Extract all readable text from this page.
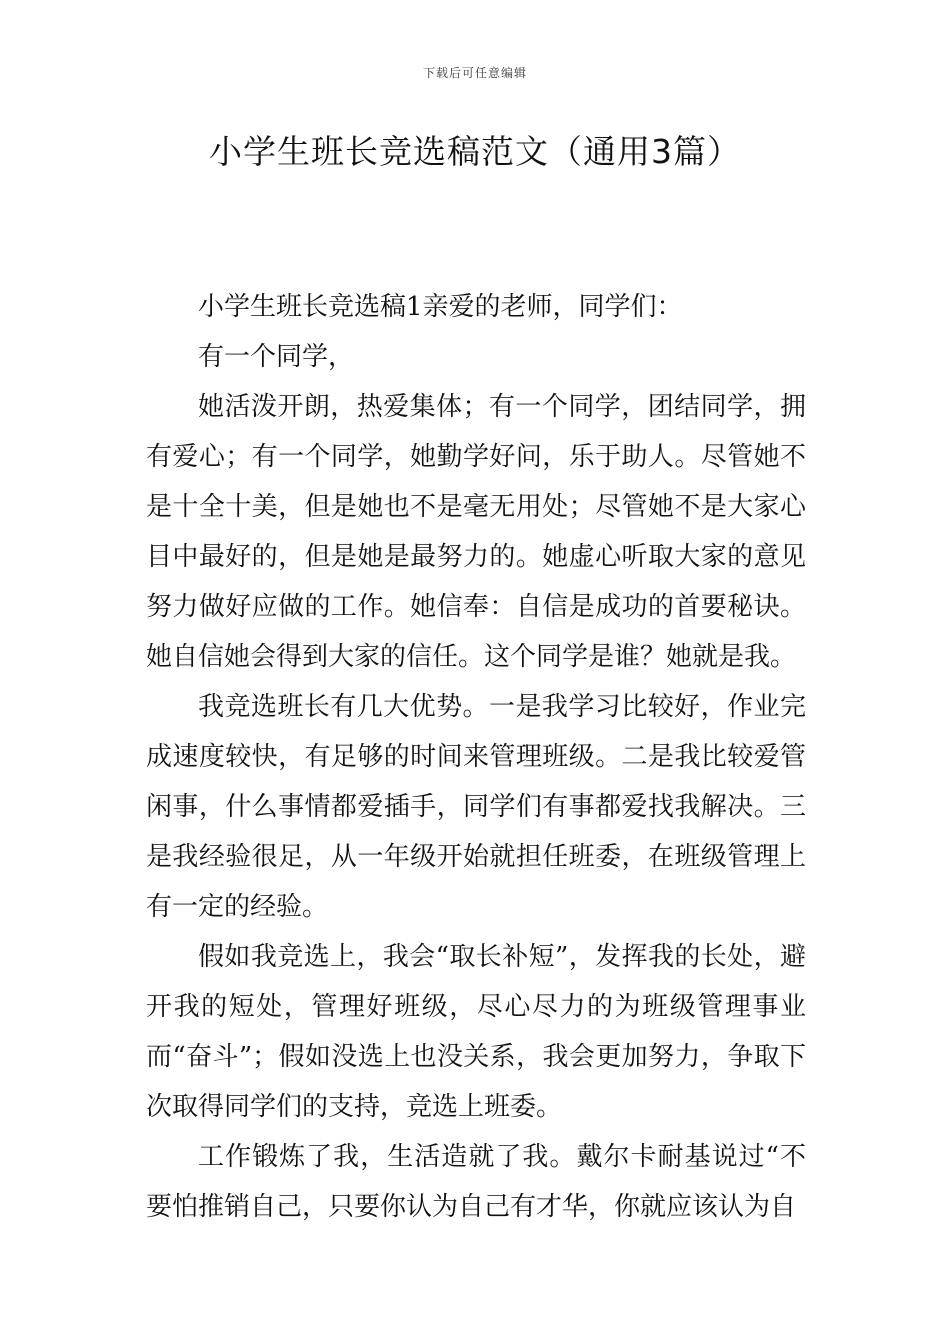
下载后可任意编辑
小学生班长竞选稿范文（通用3篇）

小学生班长竞选稿1亲爱的老师，同学们：

有一个同学，

她活泼开朗，热爱集体；有一个同学，团结同学，拥有爱心；有一个同学，她勤学好问，乐于助人。尽管她不是十全十美，但是她也不是毫无用处；尽管她不是大家心目中最好的，但是她是最努力的。她虚心听取大家的意见努力做好应做的工作。她信奉：自信是成功的首要秘诀。她自信她会得到大家的信任。这个同学是谁？她就是我。

我竞选班长有几大优势。一是我学习比较好，作业完成速度较快，有足够的时间来管理班级。二是我比较爱管闲事，什么事情都爱插手，同学们有事都爱找我解决。三是我经验很足，从一年级开始就担任班委，在班级管理上有一定的经验。

假如我竞选上，我会“取长补短”，发挥我的长处，避开我的短处，管理好班级，尽心尽力的为班级管理事业而“奋斗”；假如没选上也没关系，我会更加努力，争取下次取得同学们的支持，竞选上班委。

工作锻炼了我，生活造就了我。戴尔卡耐基说过“不要怕推销自己，只要你认为自己有才华，你就应该认为自
